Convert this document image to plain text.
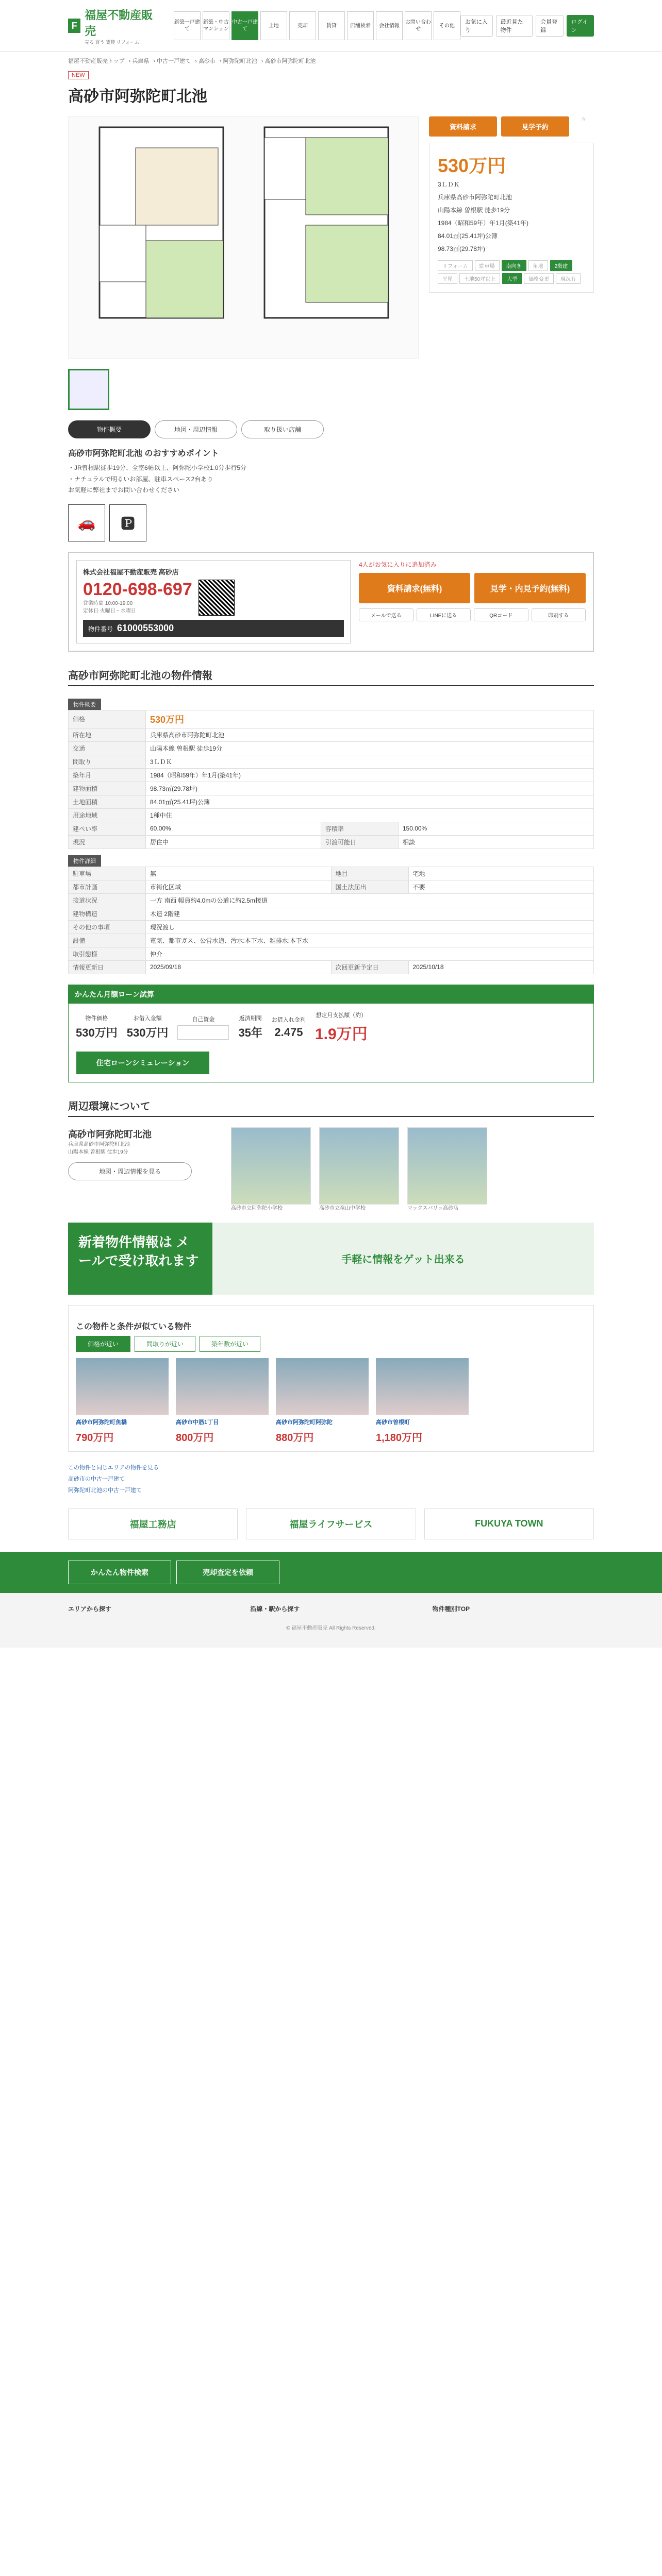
F
福屋不動産販売
売る 買う 賃貸 リフォーム
新築一戸建て
新築・中古マンション
中古一戸建て
土地	売却	賃貸	店舗検索	会社情報
お問い合わせ
その他
お気に入り
最近見た物件
会員登録
ログイン
福屋不動産販売トップ › 兵庫県 › 中古一戸建て › 高砂市 › 阿弥陀町北池 › 高砂市阿弥陀町北池
NEW
高砂市阿弥陀町北池
資料請求	見学予約
☆
530万円
3ＬＤＫ
兵庫県高砂市阿弥陀町北池
山陽本線 曽根駅 徒歩19分
1984（昭和59年）年1月(築41年)
84.01㎡(25.41坪)公簿
98.73㎡(29.78坪)
リフォーム	駐車場	南向き	角地	2階建
平屋	土地50坪以上	大型	価格変更	現況有
物件概要	地図・周辺情報	取り扱い店舗
高砂市阿弥陀町北池 のおすすめポイント
・JR曽根駅徒歩19分、全室6帖以上、阿弥陀小学校1.0分歩行5分
・ナチュラルで明るいお部屋、駐車スペース2台あり
お気軽に弊社までお問い合わせください
🚗	🅿
株式会社福屋不動産販売 高砂店
0120-698-697
営業時間 10:00-19:00
定休日 火曜日・水曜日
物件番号 61000553000
4人がお気に入りに追加済み
資料請求(無料)	見学・内見予約(無料)
メールで送る	LINEに送る	QRコード	印刷する
高砂市阿弥陀町北池の物件情報
物件概要
価格	530万円		
所在地	兵庫県高砂市阿弥陀町北池		
交通	山陽本線 曽根駅 徒歩19分		
間取り	3ＬＤＫ		
築年月	1984（昭和59年）年1月(築41年)		
建物面積	98.73㎡(29.78坪)		
土地面積	84.01㎡(25.41坪)公簿		
用途地域	1種中住		
建ぺい率	60.00%	容積率	150.00%
現況	居住中	引渡可能日	相談
物件詳細
駐車場	無	地目	宅地
都市計画	市街化区域	国土法届出	不要
接道状況	一方 南西 幅員約4.0mの公道に約2.5m接道		
建物構造	木造 2階建		
その他の事項	現況渡し		
設備	電気、都市ガス、公営水道、汚水:本下水、雑排水:本下水		
取引態様	仲介		
情報更新日	2025/09/18	次回更新予定日	2025/10/18
かんたん月額ローン試算
物件価格
530万円
お借入金額
530万円
自己資金	返済期間
35年
お借入れ金利
2.475
想定月支払額（約）
1.9万円
住宅ローンシミュレーション
周辺環境について
高砂市阿弥陀町北池
兵庫県高砂市阿弥陀町北池
山陽本線 曽根駅 徒歩19分
地図・周辺情報を見る
高砂市立阿弥陀小学校	高砂市立竜山中学校	マックスバリュ高砂店
新着物件情報は メールで受け取れます	手軽に情報をゲット出来る
この物件と条件が似ている物件
価格が近い	間取りが近い	築年数が近い
高砂市阿弥陀町魚橋
790万円
高砂市中筋1丁目
800万円
高砂市阿弥陀町阿弥陀
880万円
高砂市曽根町
1,180万円
この物件と同じエリアの物件を見る
高砂市の中古一戸建て
阿弥陀町北池の中古一戸建て
福屋工務店	福屋ライフサービス	FUKUYA TOWN
かんたん物件検索	売却査定を依頼
エリアから探す	沿線・駅から探す	物件種別TOP
© 福屋不動産販売 All Rights Reserved.
